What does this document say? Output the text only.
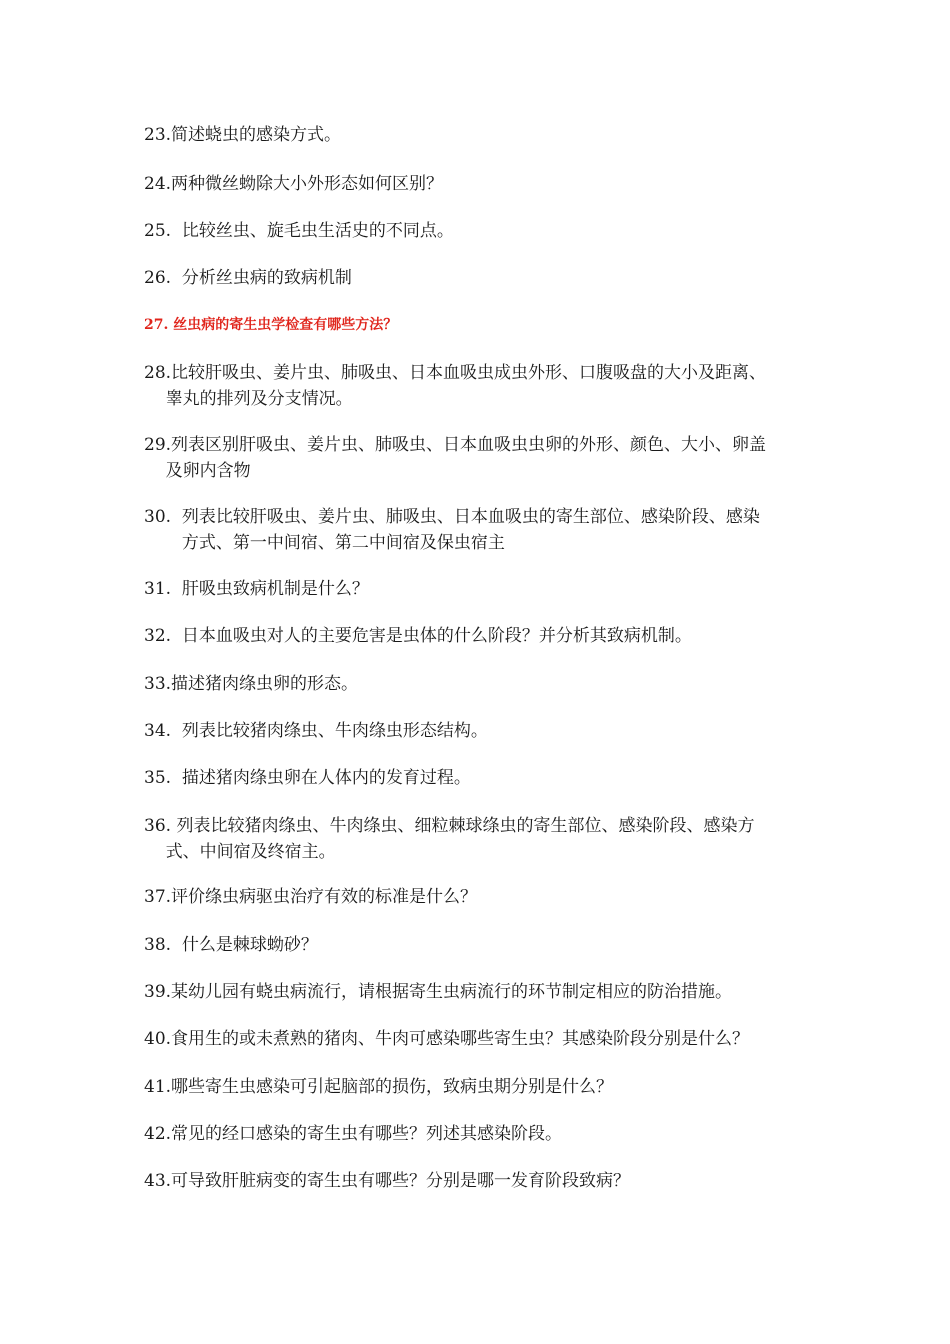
23.简述蛲虫的感染方式。

24.两种微丝蚴除大小外形态如何区别？

25.  比较丝虫、旋毛虫生活史的不同点。

26.  分析丝虫病的致病机制

27. 丝虫病的寄生虫学检查有哪些方法？

28.比较肝吸虫、姜片虫、肺吸虫、日本血吸虫成虫外形、口腹吸盘的大小及距离、
睾丸的排列及分支情况。

29.列表区别肝吸虫、姜片虫、肺吸虫、日本血吸虫虫卵的外形、颜色、大小、卵盖
及卵内含物

30.  列表比较肝吸虫、姜片虫、肺吸虫、日本血吸虫的寄生部位、感染阶段、感染
方式、第一中间宿、第二中间宿及保虫宿主

31.  肝吸虫致病机制是什么？

32.  日本血吸虫对人的主要危害是虫体的什么阶段？并分析其致病机制。

33.描述猪肉绦虫卵的形态。

34.  列表比较猪肉绦虫、牛肉绦虫形态结构。

35.  描述猪肉绦虫卵在人体内的发育过程。

36. 列表比较猪肉绦虫、牛肉绦虫、细粒棘球绦虫的寄生部位、感染阶段、感染方
式、中间宿及终宿主。

37.评价绦虫病驱虫治疗有效的标准是什么？

38.  什么是棘球蚴砂？

39.某幼儿园有蛲虫病流行，请根据寄生虫病流行的环节制定相应的防治措施。

40.食用生的或未煮熟的猪肉、牛肉可感染哪些寄生虫？其感染阶段分别是什么？

41.哪些寄生虫感染可引起脑部的损伤，致病虫期分别是什么？

42.常见的经口感染的寄生虫有哪些？列述其感染阶段。

43.可导致肝脏病变的寄生虫有哪些？分别是哪一发育阶段致病？
